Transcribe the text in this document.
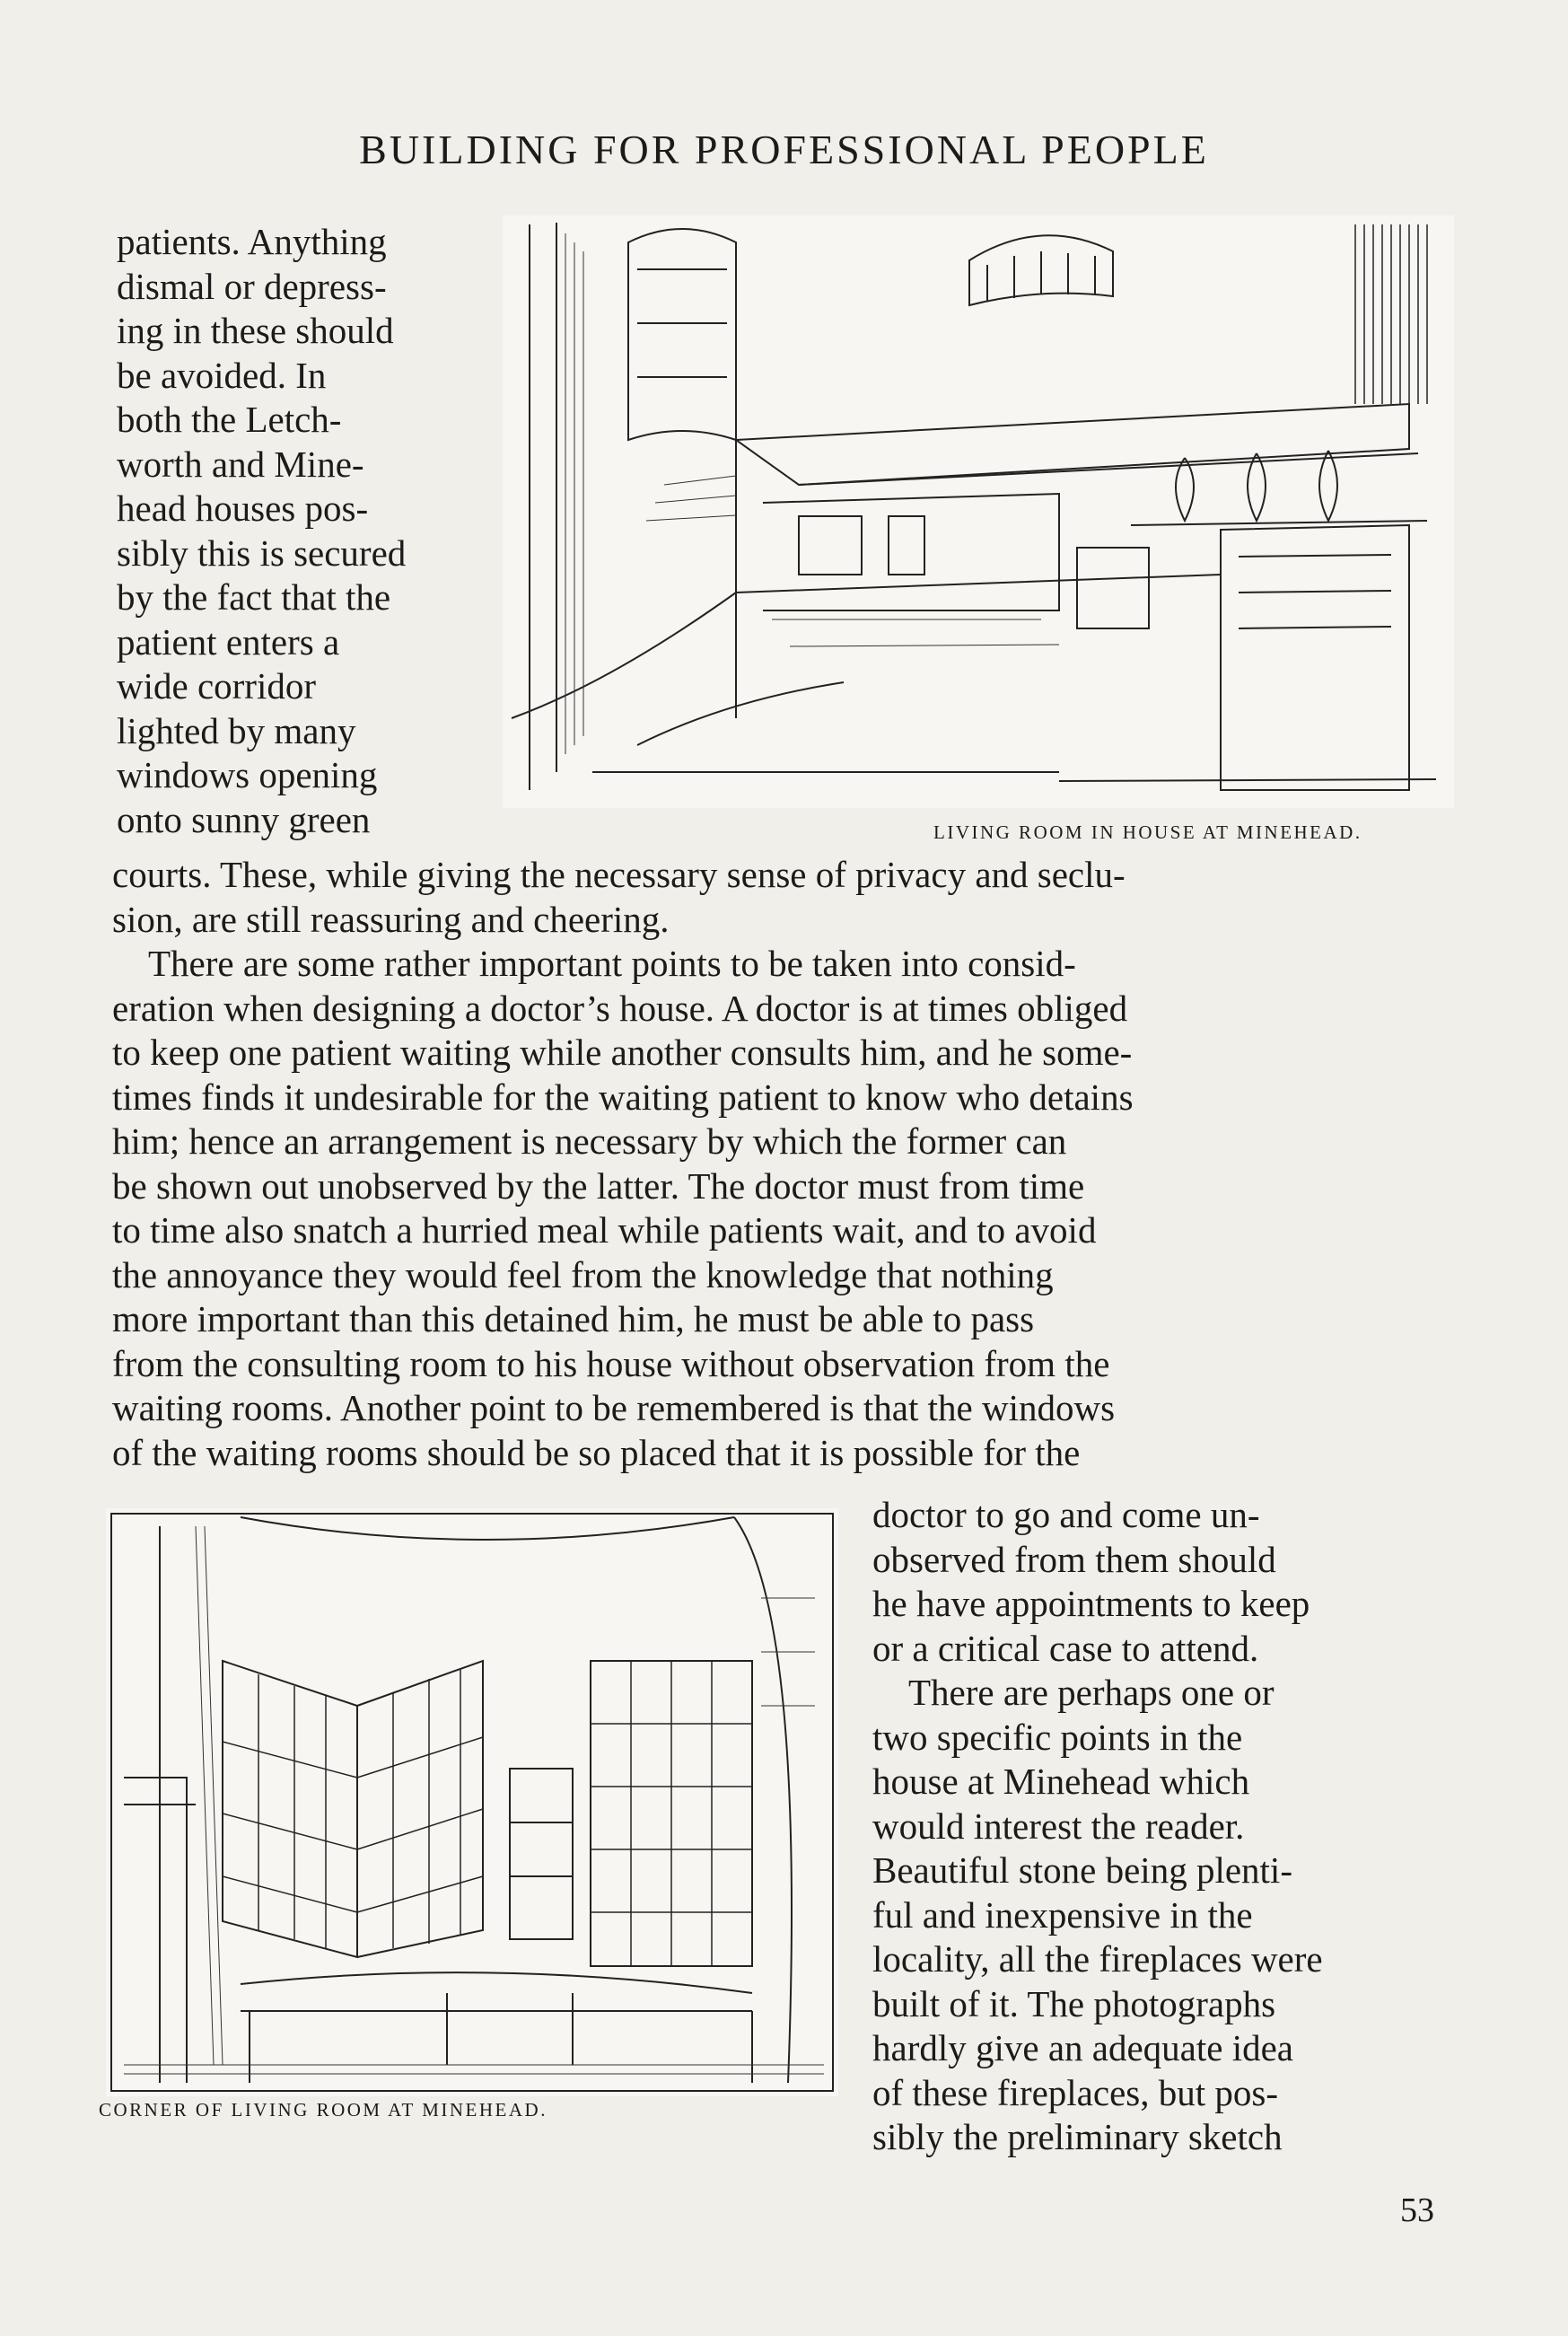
BUILDING FOR PROFESSIONAL PEOPLE

patients. Anything
dismal or depress-
ing in these should
be avoided. In
both the Letch-
worth and Mine-
head houses pos-
sibly this is secured
by the fact that the
patient enters a
wide corridor
lighted by many
windows opening
onto sunny green	LIVING ROOM IN HOUSE AT MINEHEAD.

courts. These, while giving the necessary sense of privacy and seclu-
sion, are still reassuring and cheering.
There are some rather important points to be taken into consid-
eration when designing a doctor’s house. A doctor is at times obliged
to keep one patient waiting while another consults him, and he some-
times finds it undesirable for the waiting patient to know who detains
him; hence an arrangement is necessary by which the former can
be shown out unobserved by the latter. The doctor must from time
to time also snatch a hurried meal while patients wait, and to avoid
the annoyance they would feel from the knowledge that nothing
more important than this detained him, he must be able to pass
from the consulting room to his house without observation from the
waiting rooms. Another point to be remembered is that the windows
of the waiting rooms should be so placed that it is possible for the

CORNER OF LIVING ROOM AT MINEHEAD.

doctor to go and come un-
observed from them should
he have appointments to keep
or a critical case to attend.
There are perhaps one or
two specific points in the
house at Minehead which
would interest the reader.
Beautiful stone being plenti-
ful and inexpensive in the
locality, all the fireplaces were
built of it. The photographs
hardly give an adequate idea
of these fireplaces, but pos-
sibly the preliminary sketch

53
